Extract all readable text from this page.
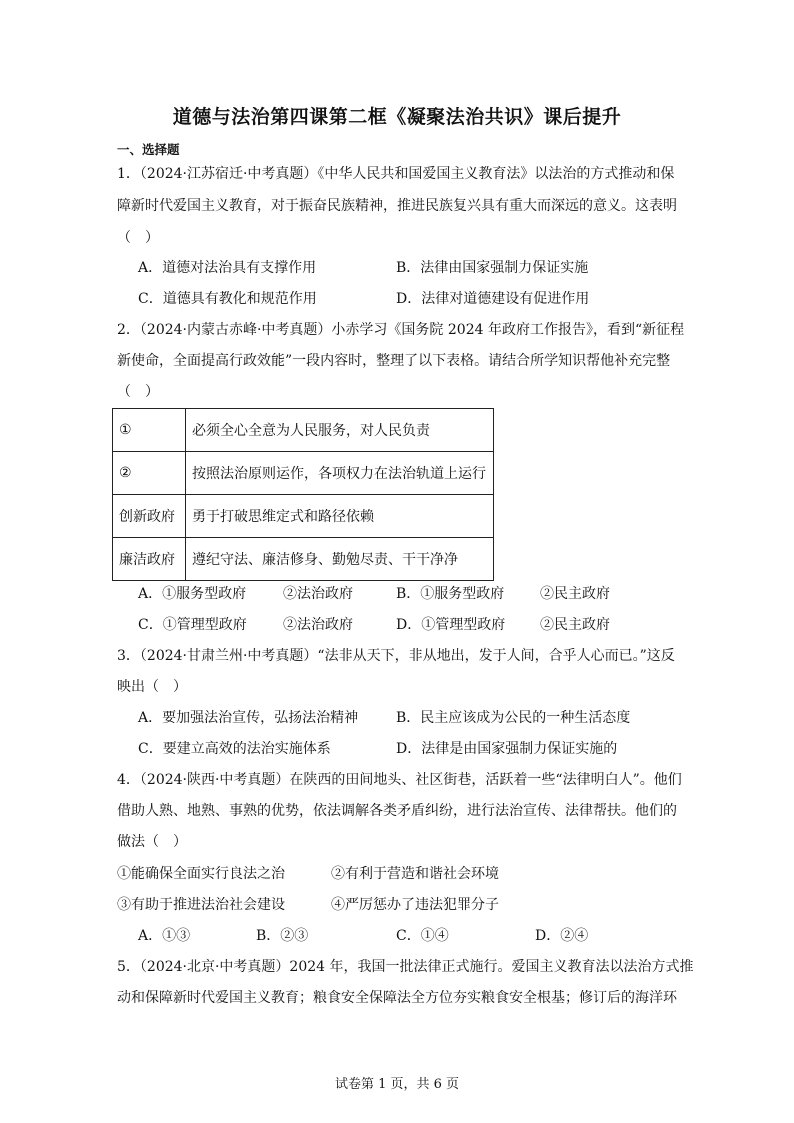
道德与法治第四课第二框《凝聚法治共识》课后提升
一、选择题
1．（2024·江苏宿迁·中考真题）《中华人民共和国爱国主义教育法》以法治的方式推动和保
障新时代爱国主义教育，对于振奋民族精神，推进民族复兴具有重大而深远的意义。这表明
（　）
A．道德对法治具有支撑作用	B．法律由国家强制力保证实施
C．道德具有教化和规范作用	D．法律对道德建设有促进作用
2．（2024·内蒙古赤峰·中考真题）小赤学习《国务院 2024 年政府工作报告》，看到“新征程
新使命，全面提高行政效能”一段内容时，整理了以下表格。请结合所学知识帮他补充完整
（　）
①	必须全心全意为人民服务，对人民负责
②	按照法治原则运作，各项权力在法治轨道上运行
创新政府	勇于打破思维定式和路径依赖
廉洁政府	遵纪守法、廉洁修身、勤勉尽责、干干净净
A．①服务型政府	②法治政府	B．①服务型政府	②民主政府
C．①管理型政府	②法治政府	D．①管理型政府 ②民主政府
3．（2024·甘肃兰州·中考真题）“法非从天下，非从地出，发于人间，合乎人心而已。”这反
映出（　）
A．要加强法治宣传，弘扬法治精神	B．民主应该成为公民的一种生活态度
C．要建立高效的法治实施体系	D．法律是由国家强制力保证实施的
4．（2024·陕西·中考真题）在陕西的田间地头、社区街巷，活跃着一些“法律明白人”。他们
借助人熟、地熟、事熟的优势，依法调解各类矛盾纠纷，进行法治宣传、法律帮扶。他们的
做法（　）
①能确保全面实行良法之治	②有利于营造和谐社会环境
③有助于推进法治社会建设	④严厉惩办了违法犯罪分子
A．①③	B．②③	C．①④	D．②④
5．（2024·北京·中考真题）2024 年，我国一批法律正式施行。爱国主义教育法以法治方式推
动和保障新时代爱国主义教育；粮食安全保障法全方位夯实粮食安全根基；修订后的海洋环
试卷第 1 页，共 6 页
